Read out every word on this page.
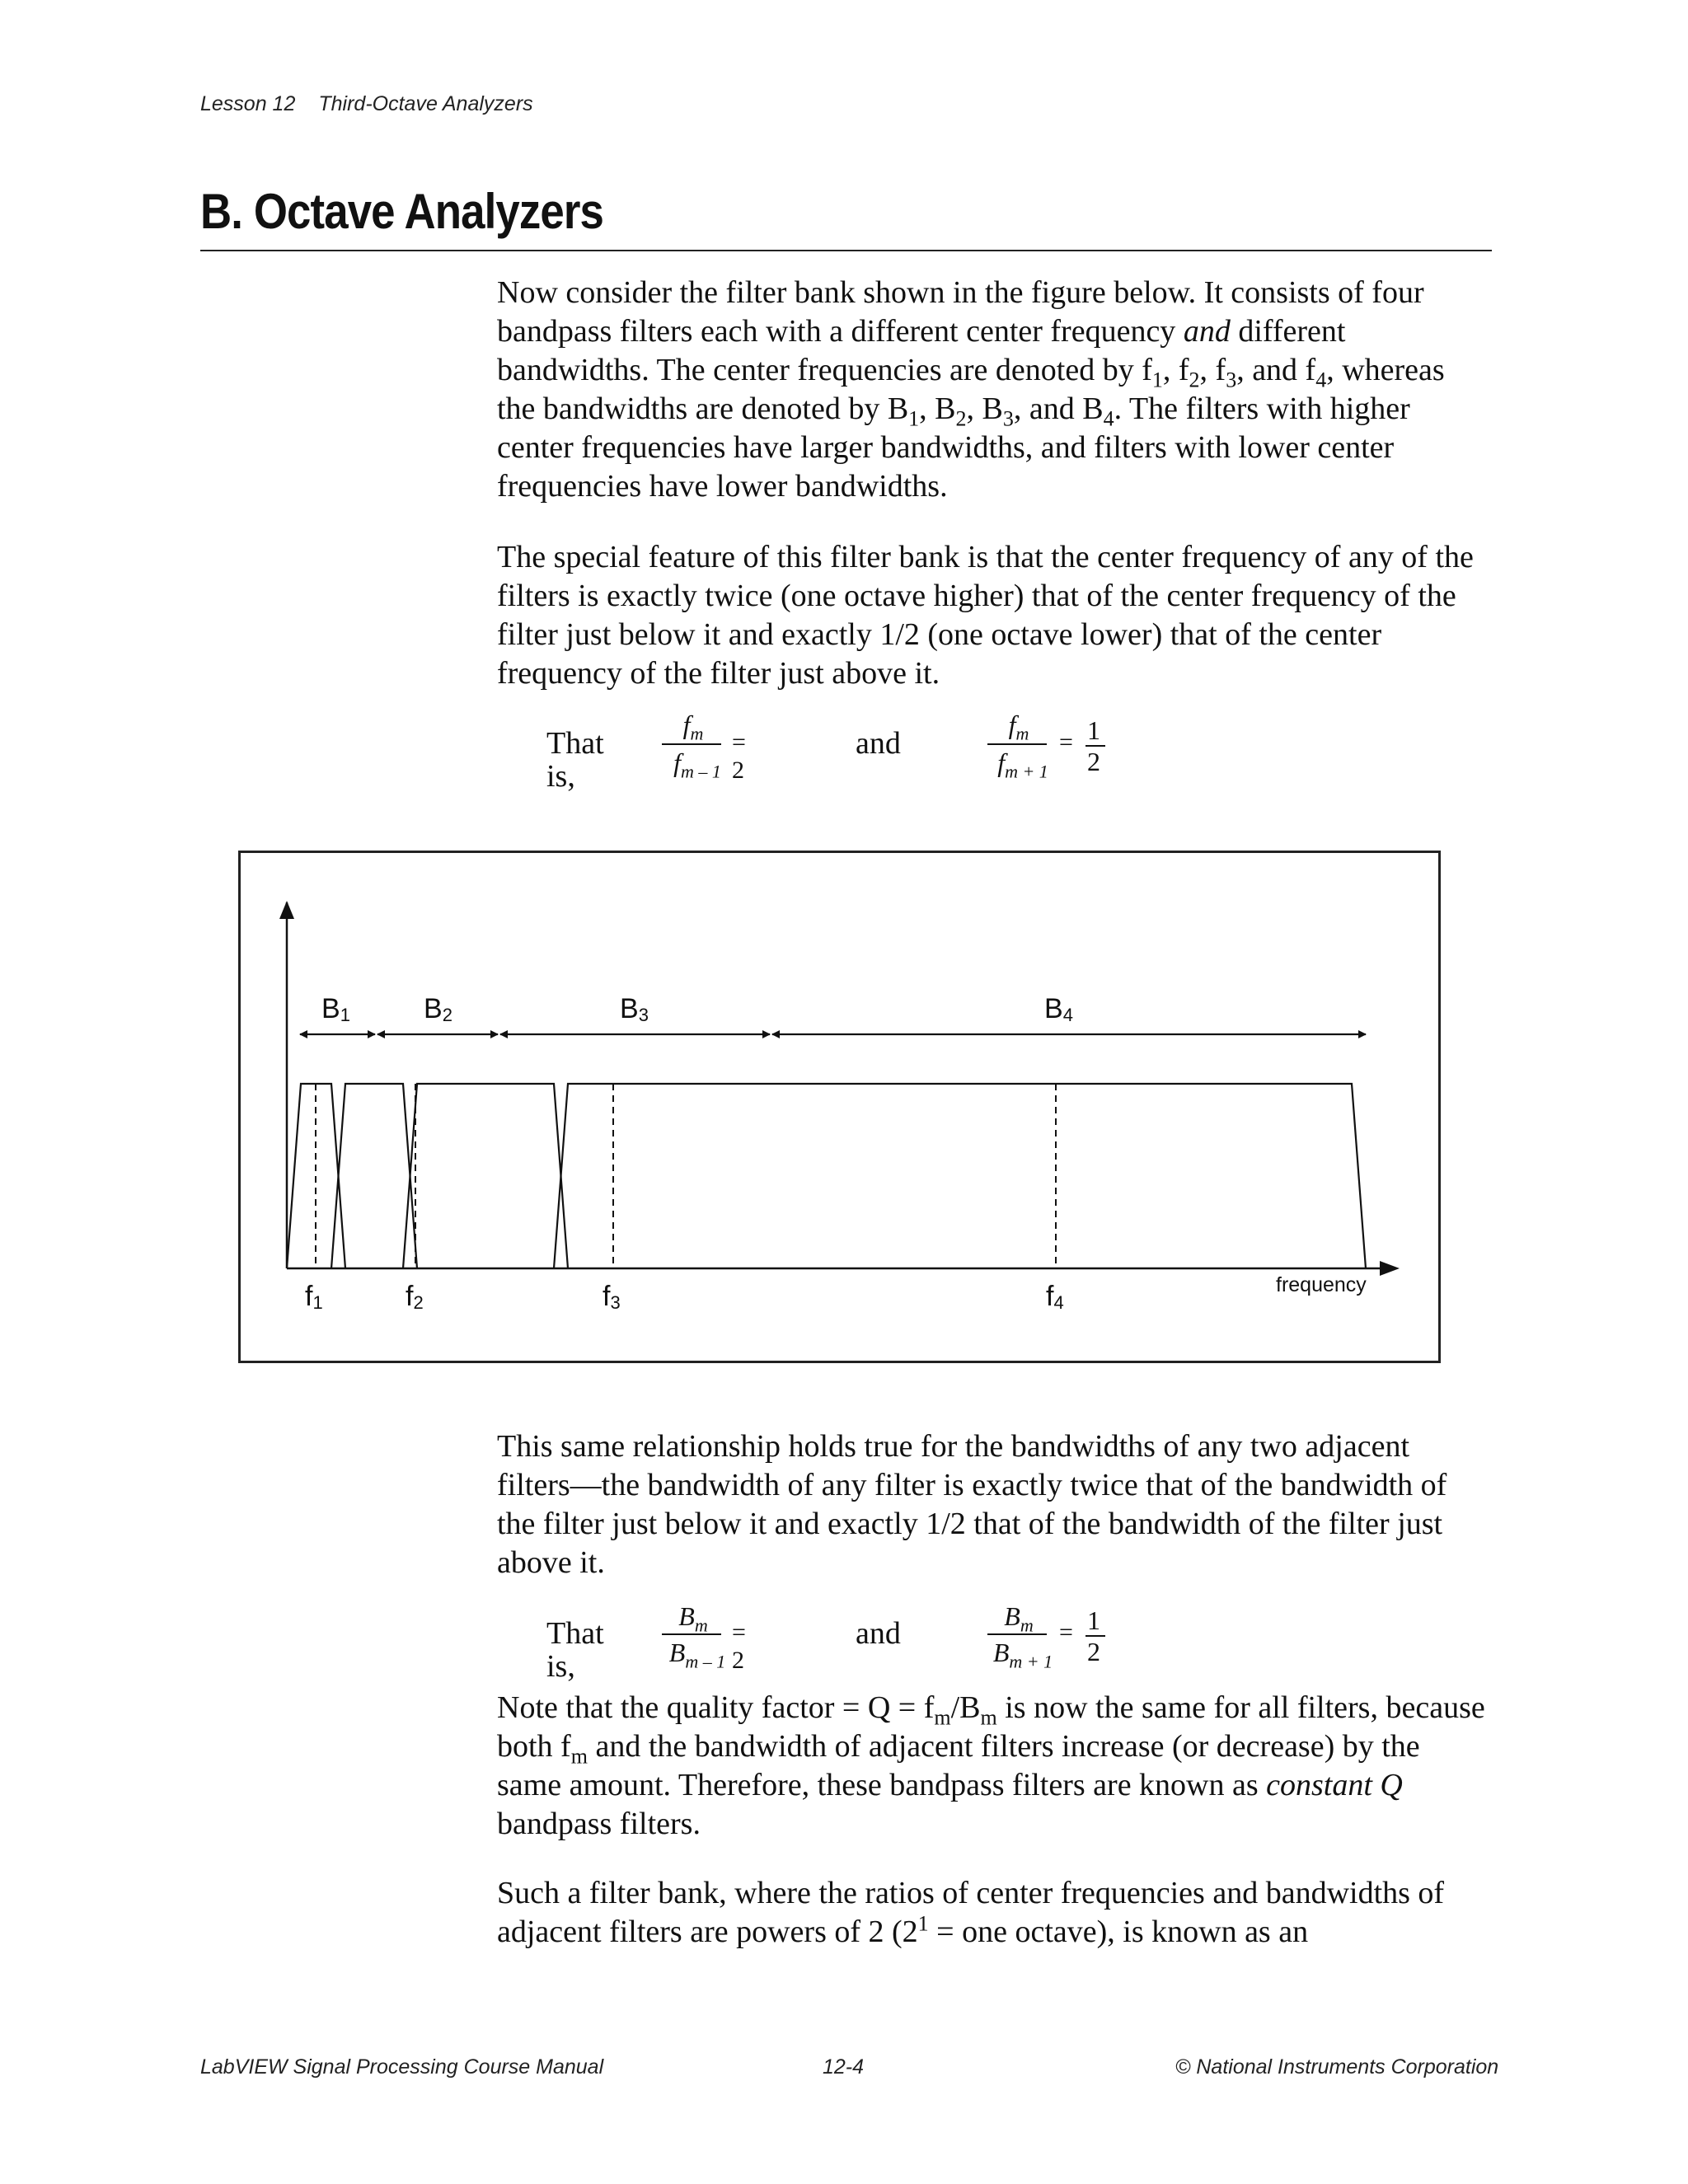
Lesson 12 Third-Octave Analyzers
B. Octave Analyzers

Now consider the filter bank shown in the figure below. It consists of four bandpass filters each with a different center frequency and different bandwidths. The center frequencies are denoted by $f_1$, $f_2$, $f_3$, and $f_4$, whereas the bandwidths are denoted by $B_1$, $B_2$, $B_3$, and $B_4$. The filters with higher center frequencies have larger bandwidths, and filters with lower center frequencies have lower bandwidths.

The special feature of this filter bank is that the center frequency of any of the filters is exactly twice (one octave higher) that of the center frequency of the filter just below it and exactly 1/2 (one octave lower) that of the center frequency of the filter just above it.

That is,
$f_m$
$f_{m - 1}$
= 2
and
$f_m$
$f_{m + 1}$
= 1
2
B1	B2	B3	B4
f1	f2	f3	f4
frequency

This same relationship holds true for the bandwidths of any two adjacent filters—the bandwidth of any filter is exactly twice that of the bandwidth of the filter just below it and exactly 1/2 that of the bandwidth of the filter just above it.

That is,
$B_m$
$B_{m - 1}$
= 2
and	$B_m$
$B_{m + 1}$
= 1
2

Note that the quality factor = $Q = f_m/B_m$ is now the same for all filters, because both $f_m$ and the bandwidth of adjacent filters increase (or decrease) by the same amount. Therefore, these bandpass filters are known as constant Q bandpass filters.

Such a filter bank, where the ratios of center frequencies and bandwidths of adjacent filters are powers of 2 ($2^1$ = one octave), is known as an

LabVIEW Signal Processing Course Manual	12-4	© National Instruments Corporation
